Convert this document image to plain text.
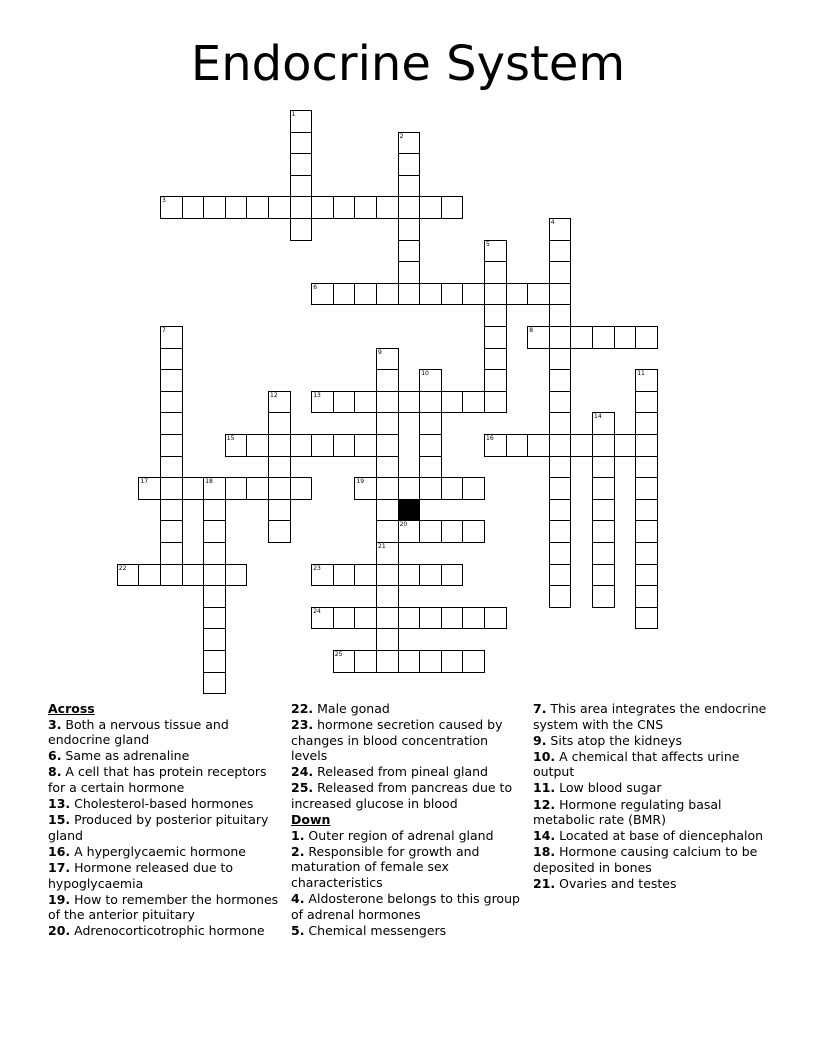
Endocrine System
1
2
3
4
5
6
7	8
9
21
10	11
12	13
14
15	16
17	18	19
20
22	23
24
25
Across
3. Both a nervous tissue and endocrine gland
6. Same as adrenaline
8. A cell that has protein receptors for a certain hormone
13. Cholesterol-based hormones
15. Produced by posterior pituitary gland
16. A hyperglycaemic hormone
17. Hormone released due to hypoglycaemia
19. How to remember the hormones of the anterior pituitary
20. Adrenocorticotrophic hormone
22. Male gonad
23. hormone secretion caused by changes in blood concentration levels
24. Released from pineal gland
25. Released from pancreas due to increased glucose in blood
Down
1. Outer region of adrenal gland
2. Responsible for growth and maturation of female sex characteristics
4. Aldosterone belongs to this group of adrenal hormones
5. Chemical messengers
7. This area integrates the endocrine system with the CNS
9. Sits atop the kidneys
10. A chemical that affects urine output
11. Low blood sugar
12. Hormone regulating basal metabolic rate (BMR)
14. Located at base of diencephalon
18. Hormone causing calcium to be deposited in bones
21. Ovaries and testes
